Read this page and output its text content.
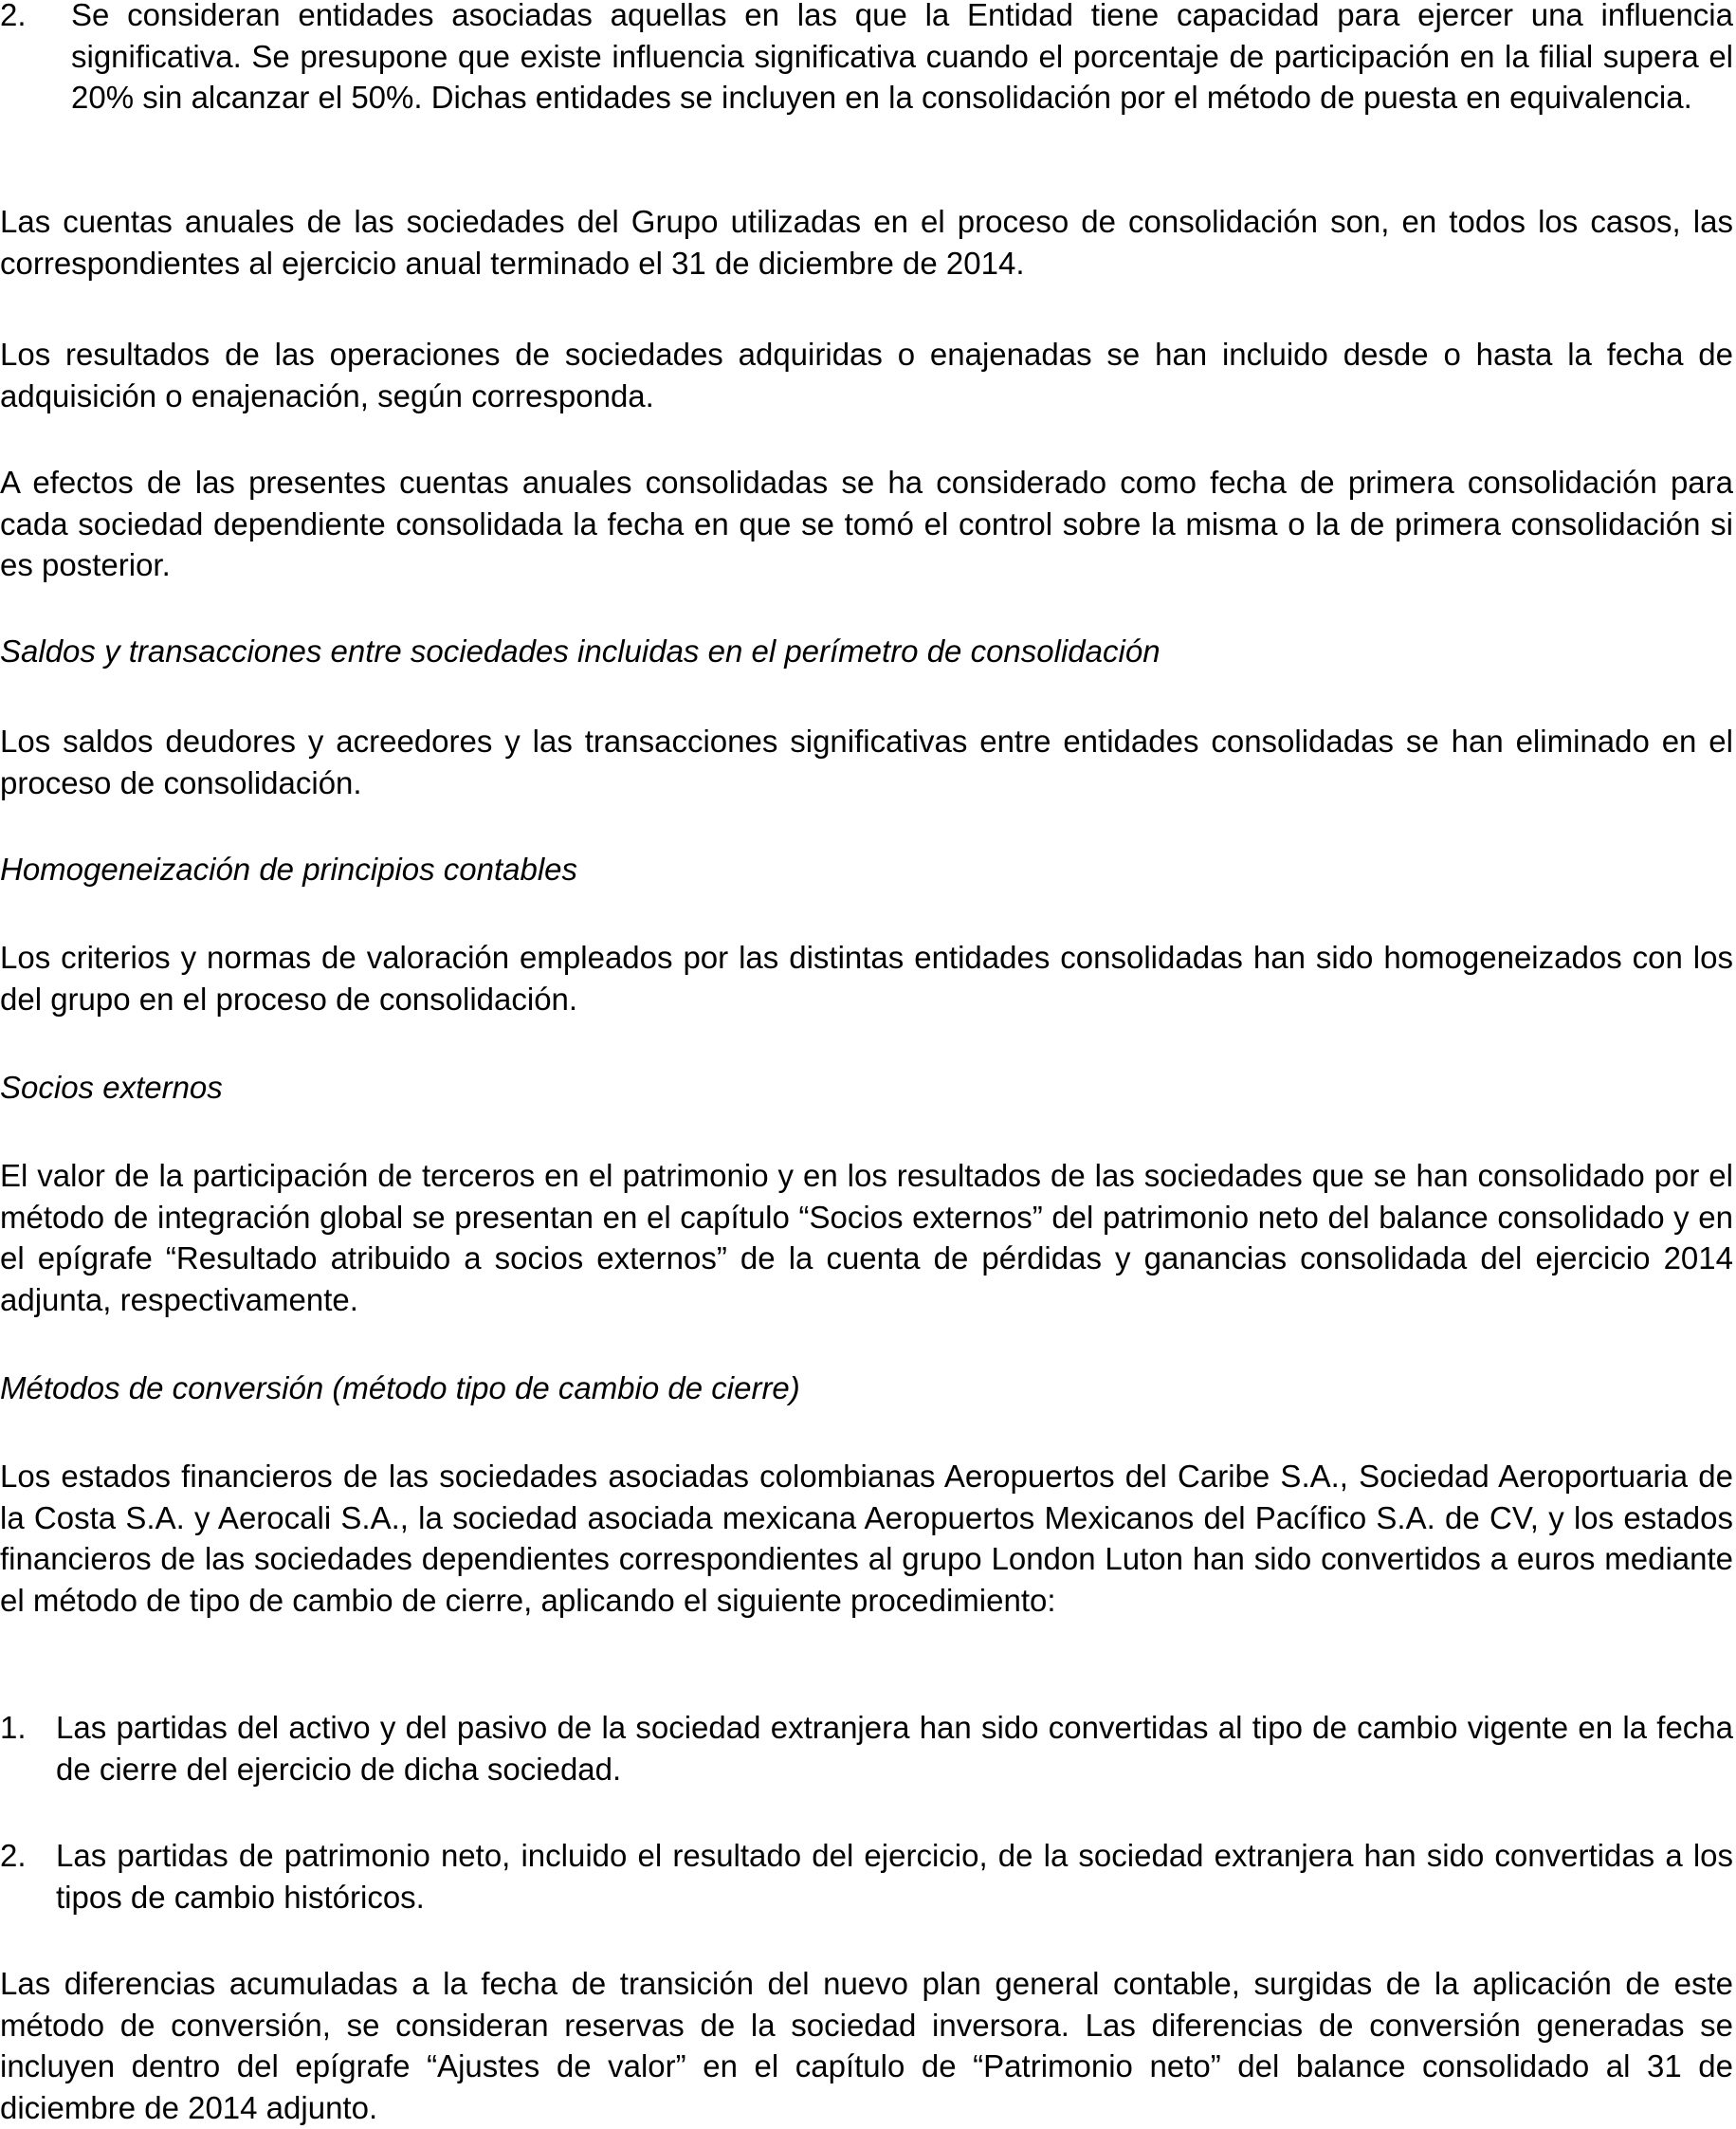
2. Se consideran entidades asociadas aquellas en las que la Entidad tiene capacidad para ejercer una influencia significativa. Se presupone que existe influencia significativa cuando el porcentaje de participación en la filial supera el 20% sin alcanzar el 50%. Dichas entidades se incluyen en la consolidación por el método de puesta en equivalencia.

Las cuentas anuales de las sociedades del Grupo utilizadas en el proceso de consolidación son, en todos los casos, las correspondientes al ejercicio anual terminado el 31 de diciembre de 2014.

Los resultados de las operaciones de sociedades adquiridas o enajenadas se han incluido desde o hasta la fecha de adquisición o enajenación, según corresponda.

A efectos de las presentes cuentas anuales consolidadas se ha considerado como fecha de primera consolidación para cada sociedad dependiente consolidada la fecha en que se tomó el control sobre la misma o la de primera consolidación si es posterior.

Saldos y transacciones entre sociedades incluidas en el perímetro de consolidación

Los saldos deudores y acreedores y las transacciones significativas entre entidades consolidadas se han eliminado en el proceso de consolidación.

Homogeneización de principios contables

Los criterios y normas de valoración empleados por las distintas entidades consolidadas han sido homogeneizados con los del grupo en el proceso de consolidación.

Socios externos

El valor de la participación de terceros en el patrimonio y en los resultados de las sociedades que se han consolidado por el método de integración global se presentan en el capítulo “Socios externos” del patrimonio neto del balance consolidado y en el epígrafe “Resultado atribuido a socios externos” de la cuenta de pérdidas y ganancias consolidada del ejercicio 2014 adjunta, respectivamente.

Métodos de conversión (método tipo de cambio de cierre)

Los estados financieros de las sociedades asociadas colombianas Aeropuertos del Caribe S.A., Sociedad Aeroportuaria de la Costa S.A. y Aerocali S.A., la sociedad asociada mexicana Aeropuertos Mexicanos del Pacífico S.A. de CV, y los estados financieros de las sociedades dependientes correspondientes al grupo London Luton han sido convertidos a euros mediante el método de tipo de cambio de cierre, aplicando el siguiente procedimiento:

1. Las partidas del activo y del pasivo de la sociedad extranjera han sido convertidas al tipo de cambio vigente en la fecha de cierre del ejercicio de dicha sociedad.
2. Las partidas de patrimonio neto, incluido el resultado del ejercicio, de la sociedad extranjera han sido convertidas a los tipos de cambio históricos.

Las diferencias acumuladas a la fecha de transición del nuevo plan general contable, surgidas de la aplicación de este método de conversión, se consideran reservas de la sociedad inversora. Las diferencias de conversión generadas se incluyen dentro del epígrafe “Ajustes de valor” en el capítulo de “Patrimonio neto” del balance consolidado al 31 de diciembre de 2014 adjunto.
